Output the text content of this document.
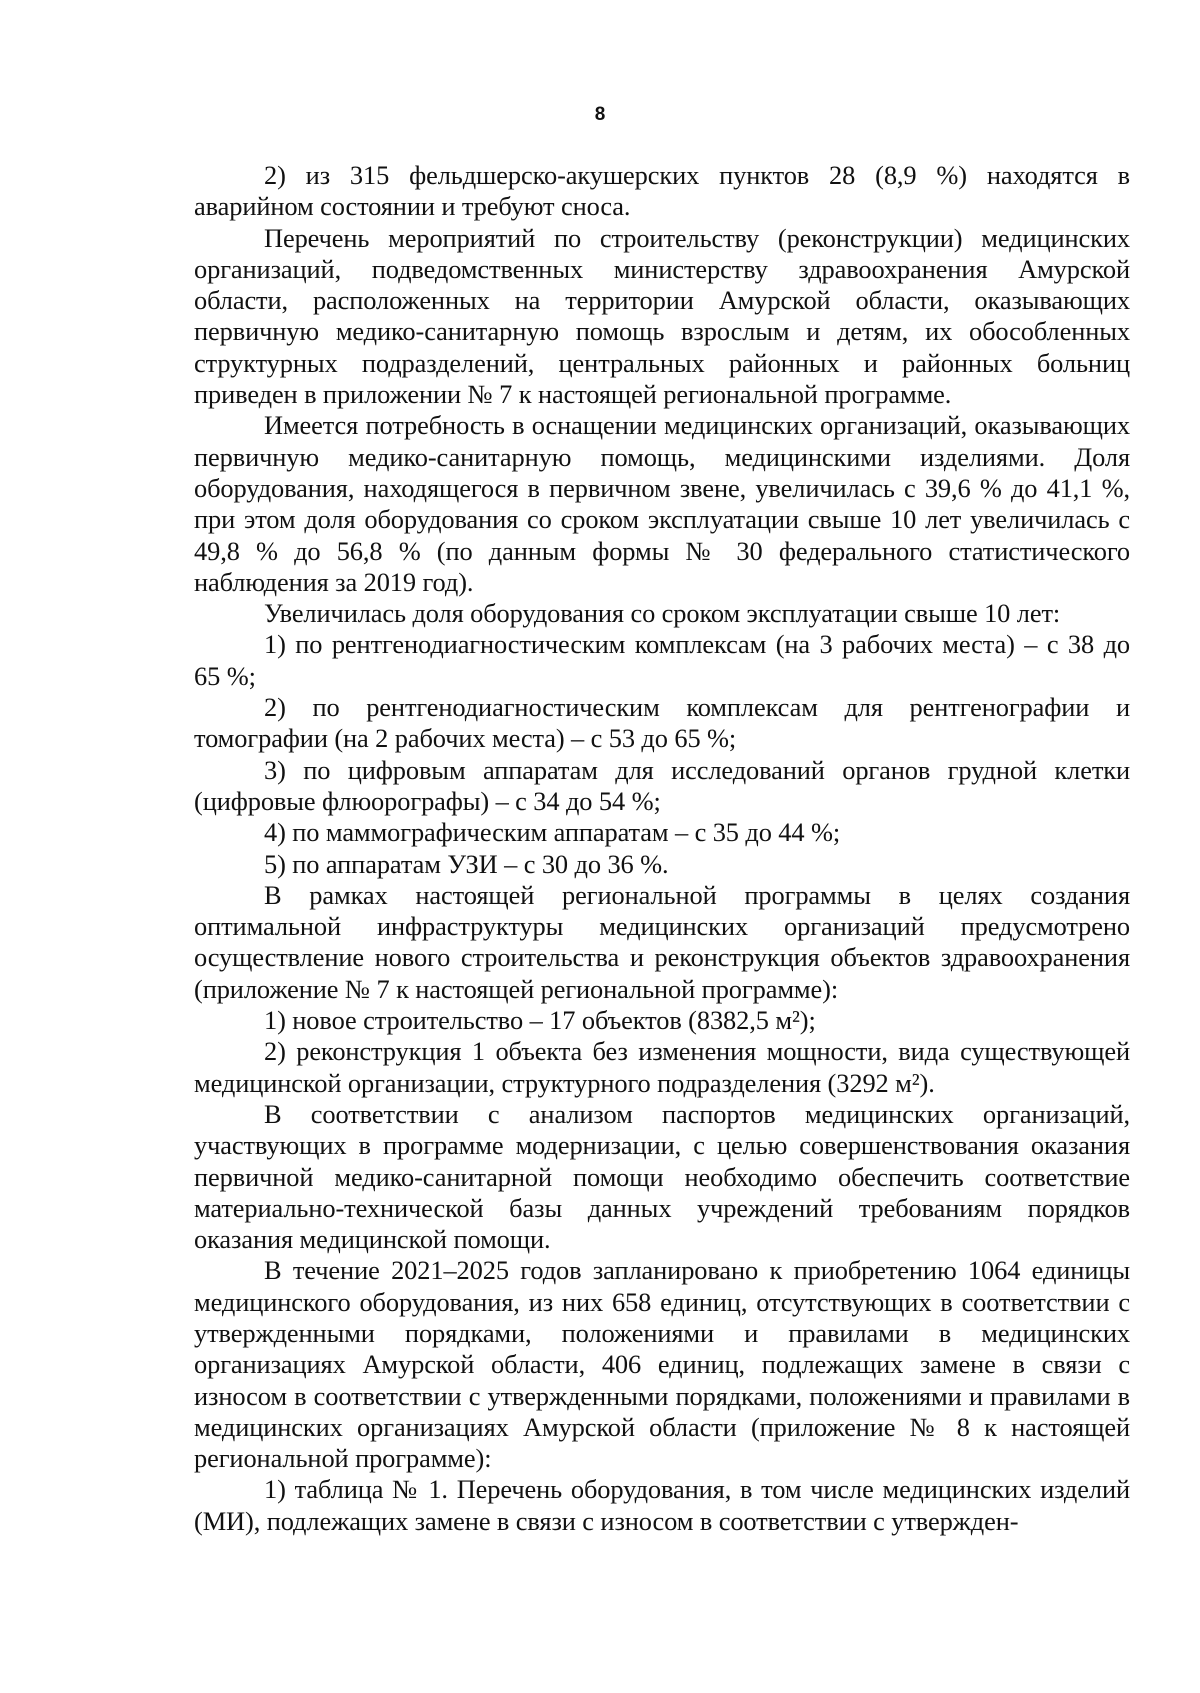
8

2) из 315 фельдшерско-акушерских пунктов 28 (8,9 %) находятся в аварийном состоянии и требуют сноса.

Перечень мероприятий по строительству (реконструкции) медицинских организаций, подведомственных министерству здравоохранения Амурской области, расположенных на территории Амурской области, оказывающих первичную медико-санитарную помощь взрослым и детям, их обособленных структурных подразделений, центральных районных и районных больниц приведен в приложении № 7 к настоящей региональной программе.

Имеется потребность в оснащении медицинских организаций, оказывающих первичную медико-санитарную помощь, медицинскими изделиями. Доля оборудования, находящегося в первичном звене, увеличилась с 39,6 % до 41,1 %, при этом доля оборудования со сроком эксплуатации свыше 10 лет увеличилась с 49,8 % до 56,8 % (по данным формы № 30 федерального статистического наблюдения за 2019 год).

Увеличилась доля оборудования со сроком эксплуатации свыше 10 лет:

1) по рентгенодиагностическим комплексам (на 3 рабочих места) – с 38 до 65 %;

2) по рентгенодиагностическим комплексам для рентгенографии и томографии (на 2 рабочих места) – с 53 до 65 %;

3) по цифровым аппаратам для исследований органов грудной клетки (цифровые флюорографы) – с 34 до 54 %;

4) по маммографическим аппаратам – с 35 до 44 %;

5) по аппаратам УЗИ – с 30 до 36 %.

В рамках настоящей региональной программы в целях создания оптимальной инфраструктуры медицинских организаций предусмотрено осуществление нового строительства и реконструкция объектов здравоохранения (приложение № 7 к настоящей региональной программе):

1) новое строительство – 17 объектов (8382,5 м²);

2) реконструкция 1 объекта без изменения мощности, вида существующей медицинской организации, структурного подразделения (3292 м²).

В соответствии с анализом паспортов медицинских организаций, участвующих в программе модернизации, с целью совершенствования оказания первичной медико-санитарной помощи необходимо обеспечить соответствие материально-технической базы данных учреждений требованиям порядков оказания медицинской помощи.

В течение 2021–2025 годов запланировано к приобретению 1064 единицы медицинского оборудования, из них 658 единиц, отсутствующих в соответствии с утвержденными порядками, положениями и правилами в медицинских организациях Амурской области, 406 единиц, подлежащих замене в связи с износом в соответствии с утвержденными порядками, положениями и правилами в медицинских организациях Амурской области (приложение № 8 к настоящей региональной программе):

1) таблица № 1. Перечень оборудования, в том числе медицинских изделий (МИ), подлежащих замене в связи с износом в соответствии с утвержден-
